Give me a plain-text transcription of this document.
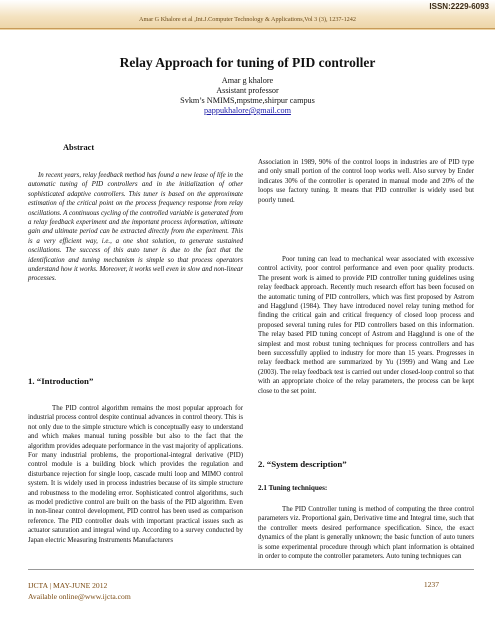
ISSN:2229-6093
Amar G Khalore et al ,Int.J.Computer Technology & Applications,Vol 3 (3), 1237-1242
Relay Approach for tuning of PID controller
Amar g khalore
Assistant professor
Svkm’s NMIMS,mpstme,shirpur campus
pappukhalore@gmail.com
Abstract

In recent years, relay feedback method has found a new lease of life in the automatic tuning of PID controllers and in the initialization of other sophisticated adaptive controllers. This tuner is based on the approximate estimation of the critical point on the process frequency response from relay oscillations. A continuous cycling of the controlled variable is generated from a relay feedback experiment and the important process information, ultimate gain and ultimate period can be extracted directly from the experiment. This is a very efficient way, i.e., a one shot solution, to generate sustained oscillations. The success of this auto tuner is due to the fact that the identification and tuning mechanism is simple so that process operators understand how it works. Moreover, it works well even in slow and non-linear processes.

1. “Introduction”

The PID control algorithm remains the most popular approach for industrial process control despite continual advances in control theory. This is not only due to the simple structure which is conceptually easy to understand and which makes manual tuning possible but also to the fact that the algorithm provides adequate performance in the vast majority of applications. For many industrial problems, the proportional-integral derivative (PID) control module is a building block which provides the regulation and disturbance rejection for single loop, cascade multi loop and MIMO control system. It is widely used in process industries because of its simple structure and robustness to the modeling error. Sophisticated control algorithms, such as model predictive control are built on the basis of the PID algorithm. Even in non-linear control development, PID control has been used as comparison reference. The PID controller deals with important practical issues such as actuator saturation and integral wind up. According to a survey conducted by Japan electric Measuring Instruments Manufacturers

Association in 1989, 90% of the control loops in industries are of PID type and only small portion of the control loop works well. Also survey by Ender indicates 30% of the controller is operated in manual mode and 20% of the loops use factory tuning. It means that PID controller is widely used but poorly tuned.

Poor tuning can lead to mechanical wear associated with excessive control activity, poor control performance and even poor quality products. The present work is aimed to provide PID controller tuning guidelines using relay feedback approach. Recently much research effort has been focused on the automatic tuning of PID controllers, which was first proposed by Astrom and Hagglund (1984). They have introduced novel relay tuning method for finding the critical gain and critical frequency of closed loop process and proposed several tuning rules for PID controllers based on this information. The relay based PID tuning concept of Astrom and Hagglund is one of the simplest and most robust tuning techniques for process controllers and has been successfully applied to industry for more than 15 years. Progresses in relay feedback method are summarized by Yu (1999) and Wang and Lee (2003). The relay feedback test is carried out under closed-loop control so that with an appropriate choice of the relay parameters, the process can be kept close to the set point.

2. “System description”
2.1 Tuning techniques:

The PID Controller tuning is method of computing the three control parameters viz. Proportional gain, Derivative time and Integral time, such that the controller meets desired performance specification. Since, the exact dynamics of the plant is generally unknown; the basic function of auto tuners is some experimental procedure through which plant information is obtained in order to compute the controller parameters. Auto tuning techniques can

IJCTA | MAY-JUNE 2012
Available online@www.ijcta.com
1237
